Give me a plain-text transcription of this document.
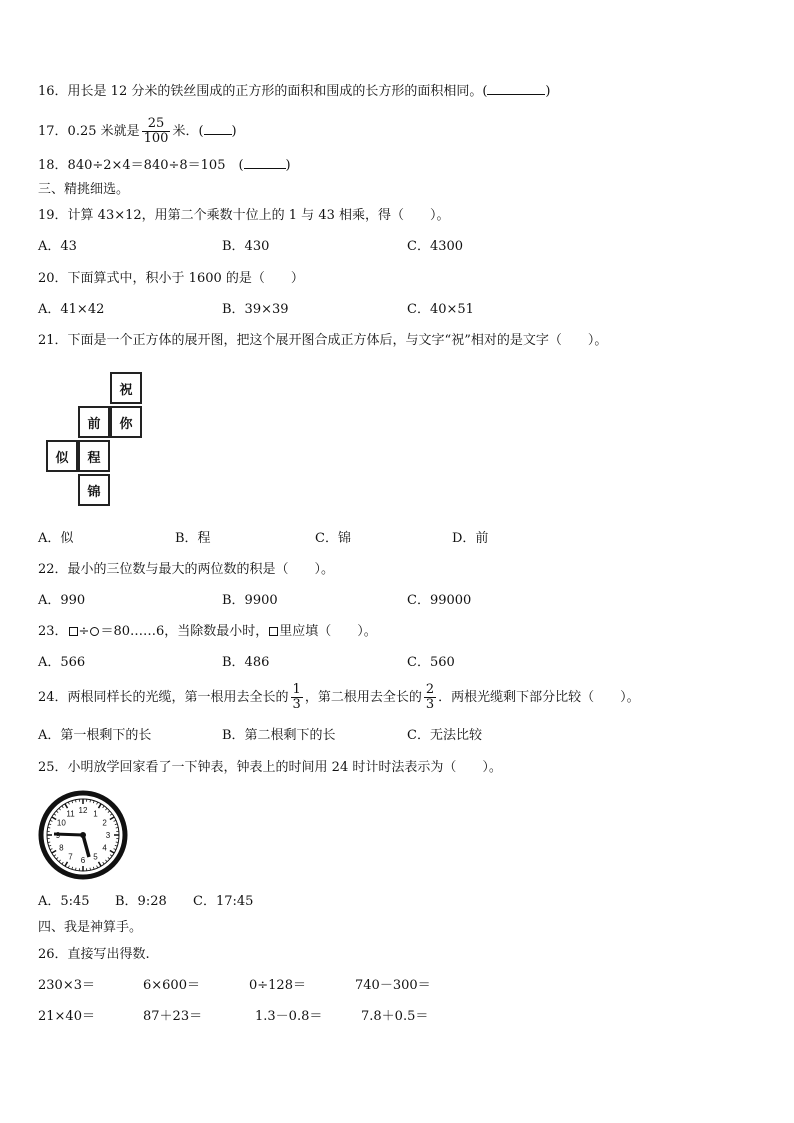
16．用长是 12 分米的铁丝围成的正方形的面积和围成的长方形的面积相同。(	)
17．0.25 米就是 $\frac{25}{100}$ 米．( )
18．840÷2×4＝840÷8＝105　(	)
三、精挑细选。
19．计算 43×12，用第二个乘数十位上的 1 与 43 相乘，得（　　）。
A．43	B．430	C．4300
20．下面算式中，积小于 1600 的是（　　）
A．41×42	B．39×39	C．40×51
21．下面是一个正方体的展开图，把这个展开图合成正方体后，与文字“祝”相对的是文字（　　）。
祝
你
前
似	程
锦
A．似	B．程	C．锦	D．前
22．最小的三位数与最大的两位数的积是（　　）。
A．990	B．9900	C．99000
23． ÷ ＝80……6，当除数最小时， 里应填（　　）。
A．566	B．486	C．560
24．两根同样长的光缆，第一根用去全长的 $\frac{1}{3}$ ，第二根用去全长的 $\frac{2}{3}$ ．两根光缆剩下部分比较（　　）。
A．第一根剩下的长	B．第二根剩下的长	C．无法比较
25．小明放学回家看了一下钟表，钟表上的时间用 24 时计时法表示为（　　）。
12 1
2
3
4
5
6
7
8
10
11
A．5:45 B．9:28 C．17:45
四、我是神算手。
26．直接写出得数.
230×3＝	6×600＝	0÷128＝	740－300＝
21×40＝	87＋23＝	1.3－0.8＝	7.8＋0.5＝
